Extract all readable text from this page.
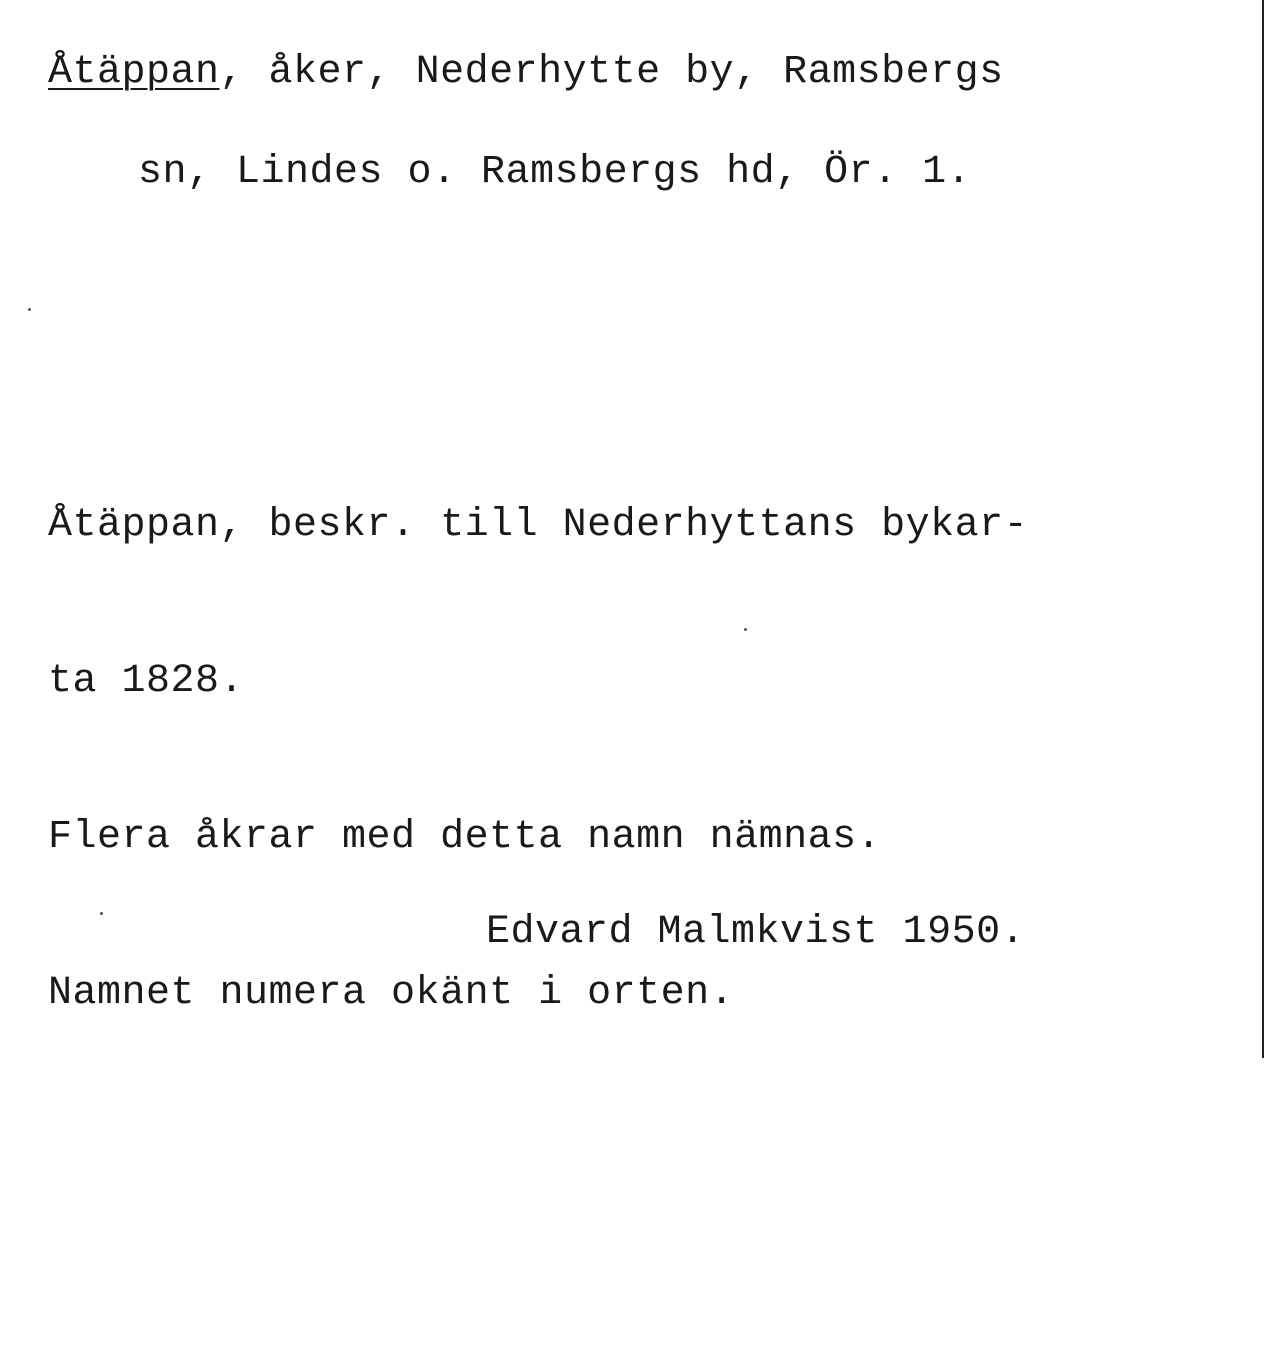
Åtäppan, åker, Nederhytte by, Ramsbergs
sn, Lindes o. Ramsbergs hd, Ör. 1.

Åtäppan, beskr. till Nederhyttans bykar-

ta 1828.

Flera åkrar med detta namn nämnas.

Namnet numera okänt i orten.

Edvard Malmkvist 1950.
